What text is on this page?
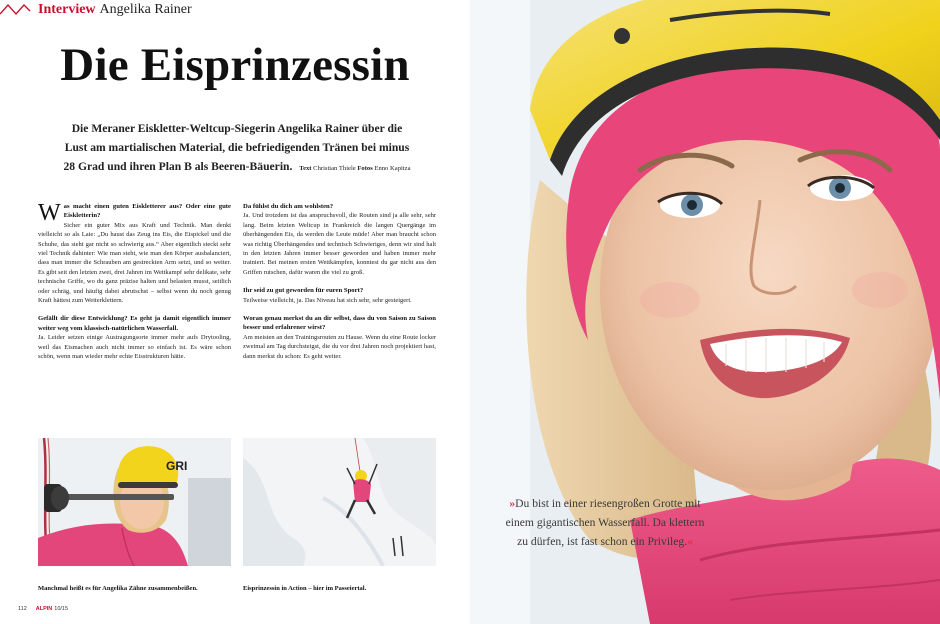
Interview Angelika Rainer
Die Eisprinzessin
Die Meraner Eiskletter-Weltcup-Siegerin Angelika Rainer über die Lust am martialischen Material, die befriedigenden Tränen bei minus 28 Grad und ihren Plan B als Beeren-Bäuerin. Text Christian Thiele Fotos Enno Kapitza
W as macht einen guten Eiskletterer aus? Oder eine gute Eiskletterin?

Sicher ein guter Mix aus Kraft und Technik. Man denkt vielleicht so als Laie: „Du haust das Zeug ins Eis, die Eispickel und die Schuhe, das sieht gar nicht so schwierig aus.“ Aber eigentlich steckt sehr viel Technik dahinter: Wie man steht, wie man den Körper ausbalanciert, dass man immer die Schrauben am gestreckten Arm setzt, und so weiter. Es gibt seit den letzten zwei, drei Jahren im Wettkampf sehr delikate, sehr technische Griffe, wo du ganz präzise halten und belasten musst, seitlich oder schräg, und häufig dabei abrutschst – selbst wenn du noch genug Kraft hättest zum Weiterklettern.

Gefällt dir diese Entwicklung? Es geht ja damit eigentlich immer weiter weg vom klassisch-natürlichen Wasserfall.

Ja. Leider setzen einige Austragungsorte immer mehr aufs Drytooling, weil das Eismachen auch nicht immer so einfach ist. Es wäre schon schön, wenn man wieder mehr echte Eisstrukturen hätte.

Da fühlst du dich am wohlsten?

Ja. Und trotzdem ist das anspruchsvoll, die Routen sind ja alle sehr, sehr lang. Beim letzten Weltcup in Frankreich die langen Quergänge im überhängenden Eis, da werden die Leute müde! Aber man braucht schon was richtig Überhängendes und technisch Schwieriges, denn wir sind halt in den letzten Jahren immer besser geworden und haben immer mehr trainiert. Bei meinen ersten Wettkämpfen, konntest du gar nicht aus den Griffen rutschen, dafür waren die viel zu groß.

Ihr seid zu gut geworden für euren Sport?

Teilweise vielleicht, ja. Das Niveau hat sich sehr, sehr gesteigert.

Woran genau merkst du an dir selbst, dass du von Saison zu Saison besser und erfahrener wirst?

Am meisten an den Trainingsrouten zu Hause. Wenn du eine Route locker zweimal am Tag durchsteigst, die du vor drei Jahren noch projektiert hast, dann merkst du schon: Es geht weiter.

GRI
Manchmal heißt es für Angelika Zähne zusammenbeißen.	Eisprinzessin in Action – hier im Passeiertal.
112 ALPIN 10/15
»Du bist in einer riesengroßen Grotte mit einem gigantischen Wasserfall. Da klettern zu dürfen, ist fast schon ein Privileg.«
